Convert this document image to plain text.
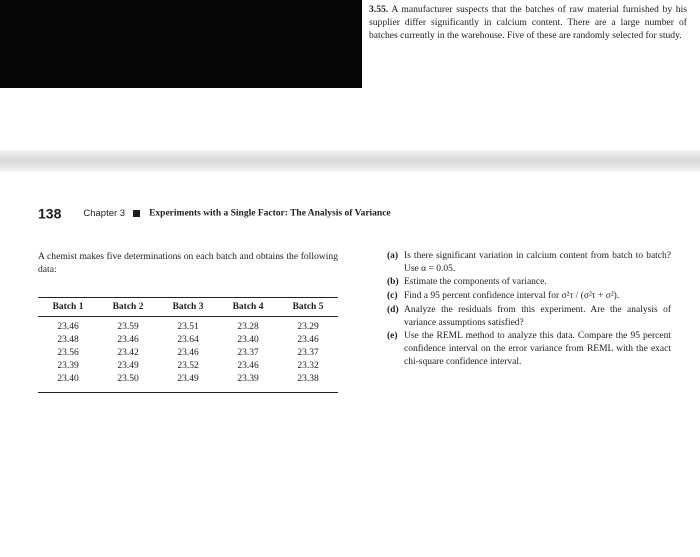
3.55. A manufacturer suspects that the batches of raw material furnished by his supplier differ significantly in calcium content. There are a large number of batches currently in the warehouse. Five of these are randomly selected for study.
138 Chapter 3	Experiments with a Single Factor: The Analysis of Variance
A chemist makes five determinations on each batch and obtains the following data:
Batch 1	Batch 2	Batch 3	Batch 4	Batch 5
23.46	23.59	23.51	23.28	23.29
23.48	23.46	23.64	23.40	23.46
23.56	23.42	23.46	23.37	23.37
23.39	23.49	23.52	23.46	23.32
23.40	23.50	23.49	23.39	23.38
(a) Is there significant variation in calcium content from batch to batch? Use α = 0.05.
(b) Estimate the components of variance.
(c) Find a 95 percent confidence interval for σ²τ / (σ²τ + σ²).
(d) Analyze the residuals from this experiment. Are the analysis of variance assumptions satisfied?
(e) Use the REML method to analyze this data. Compare the 95 percent confidence interval on the error variance from REML with the exact chi-square confidence interval.
